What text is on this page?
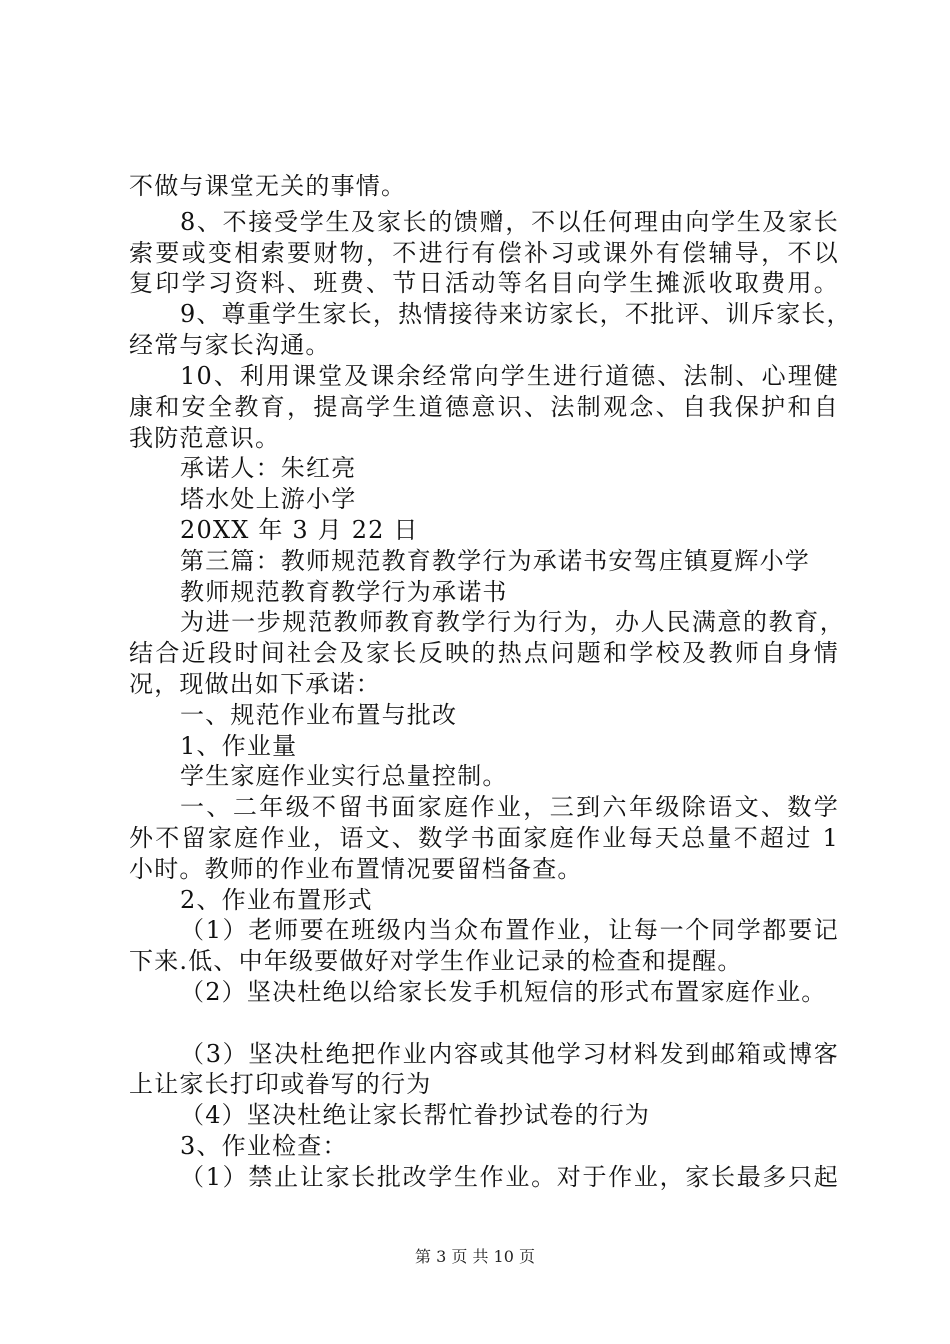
不做与课堂无关的事情。

8、不接受学生及家长的馈赠，不以任何理由向学生及家长

索要或变相索要财物，不进行有偿补习或课外有偿辅导，不以

复印学习资料、班费、节日活动等名目向学生摊派收取费用。

9、尊重学生家长，热情接待来访家长，不批评、训斥家长，

经常与家长沟通。

10、利用课堂及课余经常向学生进行道德、法制、心理健

康和安全教育，提高学生道德意识、法制观念、自我保护和自

我防范意识。

承诺人：朱红亮

塔水处上游小学

20XX 年 3 月 22 日

第三篇：教师规范教育教学行为承诺书安驾庄镇夏辉小学

教师规范教育教学行为承诺书

为进一步规范教师教育教学行为行为，办人民满意的教育，

结合近段时间社会及家长反映的热点问题和学校及教师自身情

况，现做出如下承诺：

一、规范作业布置与批改

1、作业量

学生家庭作业实行总量控制。

一、二年级不留书面家庭作业，三到六年级除语文、数学

外不留家庭作业，语文、数学书面家庭作业每天总量不超过 1

小时。教师的作业布置情况要留档备查。

2、作业布置形式

（1）老师要在班级内当众布置作业，让每一个同学都要记

下来.低、中年级要做好对学生作业记录的检查和提醒。

（2）坚决杜绝以给家长发手机短信的形式布置家庭作业。

（3）坚决杜绝把作业内容或其他学习材料发到邮箱或博客

上让家长打印或眷写的行为

（4）坚决杜绝让家长帮忙眷抄试卷的行为

3、作业检查：

（1）禁止让家长批改学生作业。对于作业，家长最多只起

第 3 页 共 10 页
